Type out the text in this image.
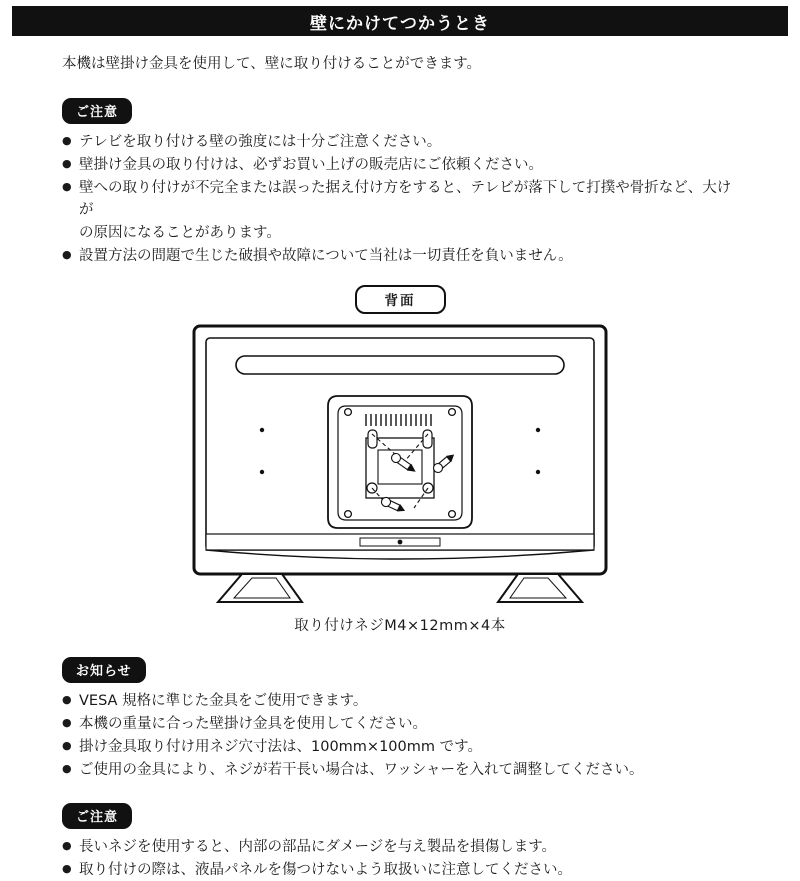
壁にかけてつかうとき
本機は壁掛け金具を使用して、壁に取り付けることができます。
ご注意
● テレビを取り付ける壁の強度には十分ご注意ください。
● 壁掛け金具の取り付けは、必ずお買い上げの販売店にご依頼ください。
● 壁への取り付けが不完全または誤った据え付け方をすると、テレビが落下して打撲や骨折など、大けが
の原因になることがあります。
● 設置方法の問題で生じた破損や故障について当社は一切責任を負いません。
背面
取り付けネジM4×12mm×4本
お知らせ
● VESA 規格に準じた金具をご使用できます。
● 本機の重量に合った壁掛け金具を使用してください。
● 掛け金具取り付け用ネジ穴寸法は、100mm×100mm です。
● ご使用の金具により、ネジが若干長い場合は、ワッシャーを入れて調整してください。
ご注意
● 長いネジを使用すると、内部の部品にダメージを与え製品を損傷します。
● 取り付けの際は、液晶パネルを傷つけないよう取扱いに注意してください。
